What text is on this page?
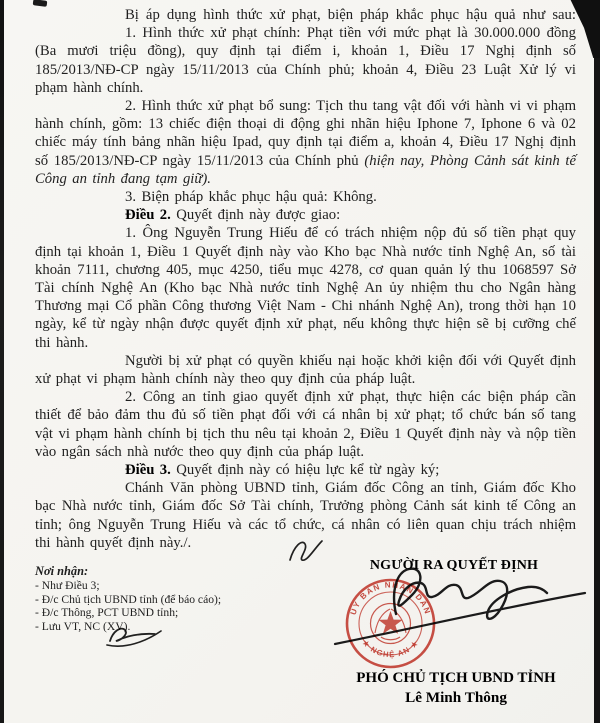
Bị áp dụng hình thức xử phạt, biện pháp khắc phục hậu quả như sau:

1. Hình thức xử phạt chính: Phạt tiền với mức phạt là 30.000.000 đồng (Ba mươi triệu đồng), quy định tại điểm i, khoản 1, Điều 17 Nghị định số 185/2013/NĐ-CP ngày 15/11/2013 của Chính phủ; khoản 4, Điều 23 Luật Xử lý vi phạm hành chính.

2. Hình thức xử phạt bổ sung: Tịch thu tang vật đối với hành vi vi phạm hành chính, gồm: 13 chiếc điện thoại di động ghi nhãn hiệu Iphone 7, Iphone 6 và 02 chiếc máy tính bảng nhãn hiệu Ipad, quy định tại điểm a, khoản 4, Điều 17 Nghị định số 185/2013/NĐ-CP ngày 15/11/2013 của Chính phủ (hiện nay, Phòng Cảnh sát kinh tế Công an tỉnh đang tạm giữ).

3. Biện pháp khắc phục hậu quả: Không.

Điều 2. Quyết định này được giao:

1. Ông Nguyễn Trung Hiếu để có trách nhiệm nộp đủ số tiền phạt quy định tại khoản 1, Điều 1 Quyết định này vào Kho bạc Nhà nước tỉnh Nghệ An, số tài khoản 7111, chương 405, mục 4250, tiểu mục 4278, cơ quan quản lý thu 1068597 Sở Tài chính Nghệ An (Kho bạc Nhà nước tỉnh Nghệ An ủy nhiệm thu cho Ngân hàng Thương mại Cổ phần Công thương Việt Nam - Chi nhánh Nghệ An), trong thời hạn 10 ngày, kể từ ngày nhận được quyết định xử phạt, nếu không thực hiện sẽ bị cưỡng chế thi hành.

Người bị xử phạt có quyền khiếu nại hoặc khởi kiện đối với Quyết định xử phạt vi phạm hành chính này theo quy định của pháp luật.

2. Công an tỉnh giao quyết định xử phạt, thực hiện các biện pháp cần thiết để bảo đảm thu đủ số tiền phạt đối với cá nhân bị xử phạt; tổ chức bán số tang vật vi phạm hành chính bị tịch thu nêu tại khoản 2, Điều 1 Quyết định này và nộp tiền vào ngân sách nhà nước theo quy định của pháp luật.

Điều 3. Quyết định này có hiệu lực kể từ ngày ký;

Chánh Văn phòng UBND tỉnh, Giám đốc Công an tỉnh, Giám đốc Kho bạc Nhà nước tỉnh, Giám đốc Sở Tài chính, Trưởng phòng Cảnh sát kinh tế Công an tỉnh; ông Nguyễn Trung Hiếu và các tổ chức, cá nhân có liên quan chịu trách nhiệm thi hành quyết định này./.

Nơi nhận:
- Như Điều 3;
- Đ/c Chủ tịch UBND tỉnh (để báo cáo);
- Đ/c Thông, PCT UBND tỉnh;
- Lưu VT, NC (XV).
NGƯỜI RA QUYẾT ĐỊNH
ỦY BAN NHÂN DÂN
★ NGHỆ AN ★
PHÓ CHỦ TỊCH UBND TỈNH
Lê Minh Thông
